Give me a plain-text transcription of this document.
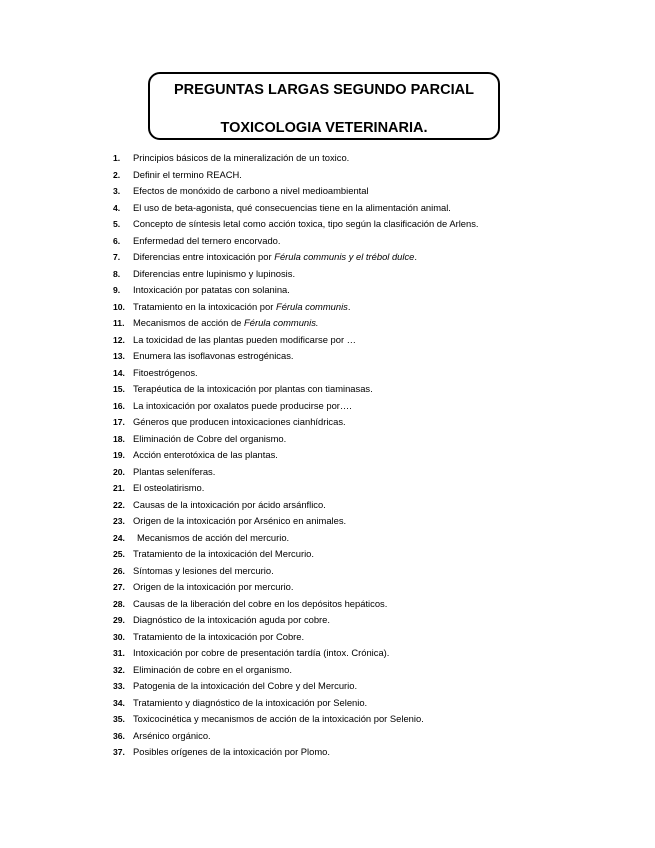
PREGUNTAS LARGAS SEGUNDO PARCIAL
TOXICOLOGIA VETERINARIA.
1.	Principios básicos de la mineralización de un toxico.
2.	Definir el termino REACH.
3.	Efectos de monóxido de carbono a nivel medioambiental
4.	El uso de beta-agonista, qué consecuencias tiene en la alimentación animal.
5.	Concepto de síntesis letal como acción toxica, tipo según la clasificación de Arlens.
6.	Enfermedad del ternero encorvado.
7.	Diferencias entre intoxicación por Férula communis y el trébol dulce.
8.	Diferencias entre lupinismo y lupinosis.
9.	Intoxicación por patatas con solanina.
10. Tratamiento en la intoxicación por Férula communis.
11. Mecanismos de acción de Férula communis.
12. La toxicidad de las plantas pueden modificarse por …
13. Enumera las isoflavonas estrogénicas.
14. Fitoestrógenos.
15. Terapéutica de la intoxicación por plantas con tiaminasas.
16. La intoxicación por oxalatos puede producirse por….
17. Géneros que producen intoxicaciones cianhídricas.
18. Eliminación de Cobre del organismo.
19. Acción enterotóxica de las plantas.
20. Plantas seleníferas.
21. El osteolatirismo.
22. Causas de la intoxicación por ácido arsánflico.
23. Origen de la intoxicación por Arsénico en animales.
24.	Mecanismos de acción del mercurio.
25. Tratamiento de la intoxicación del Mercurio.
26. Síntomas y lesiones del mercurio.
27. Origen de la intoxicación por mercurio.
28. Causas de la liberación del cobre en los depósitos hepáticos.
29. Diagnóstico de la intoxicación aguda por cobre.
30. Tratamiento de la intoxicación por Cobre.
31. Intoxicación por cobre de presentación tardía (intox. Crónica).
32. Eliminación de cobre en el organismo.
33. Patogenia de la intoxicación del Cobre y del Mercurio.
34. Tratamiento y diagnóstico de la intoxicación por Selenio.
35. Toxicocinética y mecanismos de acción de la intoxicación por Selenio.
36. Arsénico orgánico.
37. Posibles orígenes de la intoxicación por Plomo.
